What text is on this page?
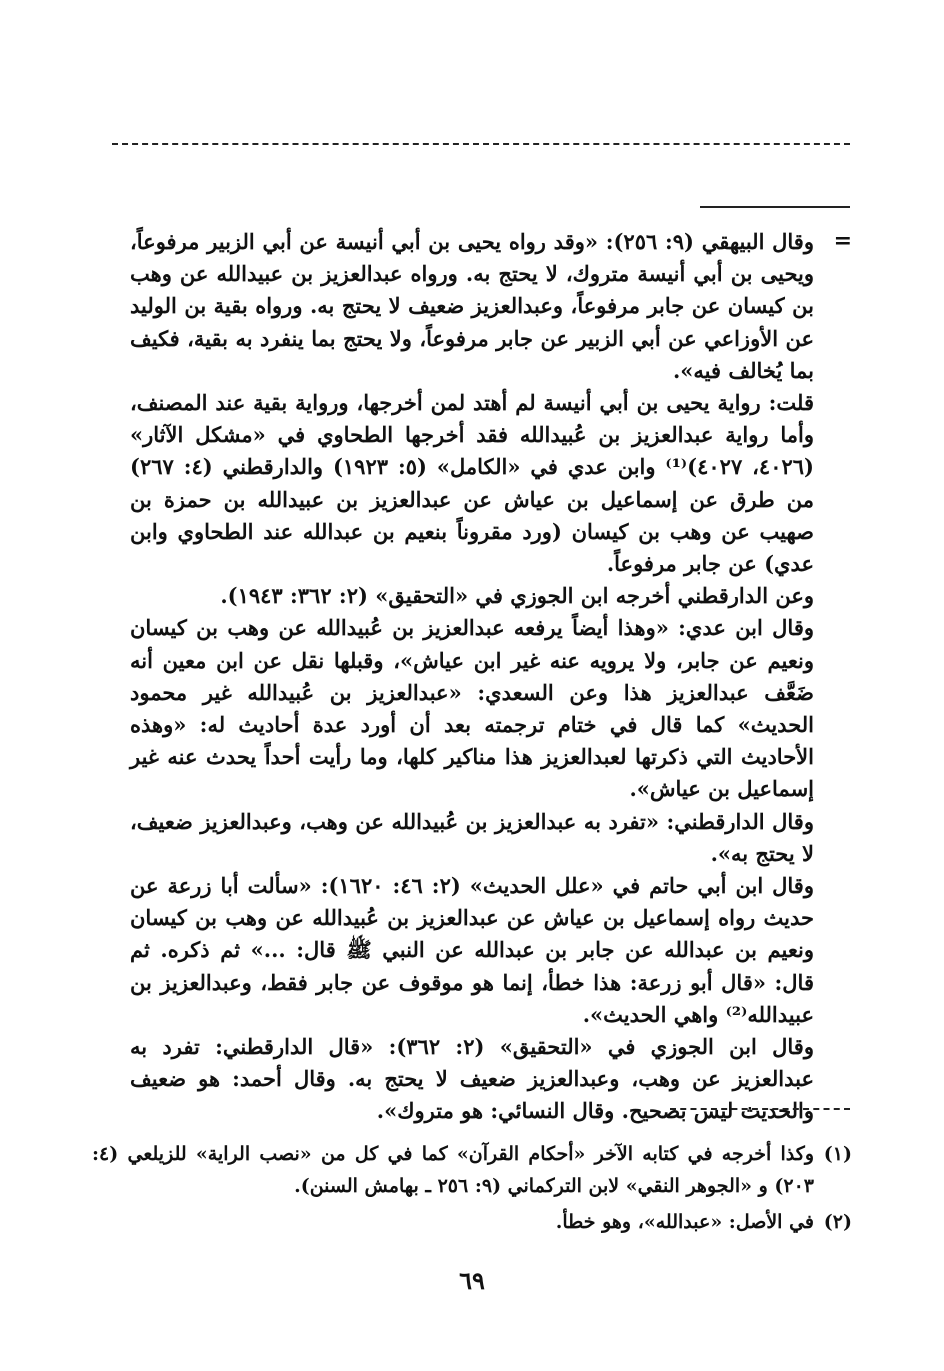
=

وقال البيهقي (٩: ٢٥٦): «وقد رواه يحيى بن أبي أنيسة عن أبي الزبير مرفوعاً، ويحيى بن أبي أنيسة متروك، لا يحتج به. ورواه عبدالعزيز بن عبيدالله عن وهب بن كيسان عن جابر مرفوعاً، وعبدالعزيز ضعيف لا يحتج به. ورواه بقية بن الوليد عن الأوزاعي عن أبي الزبير عن جابر مرفوعاً، ولا يحتج بما ينفرد به بقية، فكيف بما يُخالف فيه».

قلت: رواية يحيى بن أبي أنيسة لم أهتد لمن أخرجها، ورواية بقية عند المصنف، وأما رواية عبدالعزيز بن عُبيدالله فقد أخرجها الطحاوي في «مشكل الآثار» (٤٠٢٦، ٤٠٢٧)⁽¹⁾ وابن عدي في «الكامل» (٥: ١٩٢٣) والدارقطني (٤: ٢٦٧) من طرق عن إسماعيل بن عياش عن عبدالعزيز بن عبيدالله بن حمزة بن صهيب عن وهب بن كيسان (ورد مقروناً بنعيم بن عبدالله عند الطحاوي وابن عدي) عن جابر مرفوعاً.

وعن الدارقطني أخرجه ابن الجوزي في «التحقيق» (٢: ٣٦٢: ١٩٤٣).

وقال ابن عدي: «وهذا أيضاً يرفعه عبدالعزيز بن عُبيدالله عن وهب بن كيسان ونعيم عن جابر، ولا يرويه عنه غير ابن عياش»، وقبلها نقل عن ابن معين أنه ضَعَّف عبدالعزيز هذا وعن السعدي: «عبدالعزيز بن عُبيدالله غير محمود الحديث» كما قال في ختام ترجمته بعد أن أورد عدة أحاديث له: «وهذه الأحاديث التي ذكرتها لعبدالعزيز هذا مناكير كلها، وما رأيت أحداً يحدث عنه غير إسماعيل بن عياش».

وقال الدارقطني: «تفرد به عبدالعزيز بن عُبيدالله عن وهب، وعبدالعزيز ضعيف، لا يحتج به».

وقال ابن أبي حاتم في «علل الحديث» (٢: ٤٦: ١٦٢٠): «سألت أبا زرعة عن حديث رواه إسماعيل بن عياش عن عبدالعزيز بن عُبيدالله عن وهب بن كيسان ونعيم بن عبدالله عن جابر بن عبدالله عن النبي ﷺ قال: ...» ثم ذكره. ثم قال: «قال أبو زرعة: هذا خطأ، إنما هو موقوف عن جابر فقط، وعبدالعزيز بن عبيدالله⁽²⁾ واهي الحديث».

وقال ابن الجوزي في «التحقيق» (٢: ٣٦٢): «قال الدارقطني: تفرد به عبدالعزيز عن وهب، وعبدالعزيز ضعيف لا يحتج به. وقال أحمد: هو ضعيف والحديث ليس بصحيح. وقال النسائي: هو متروك».

(١)
وكذا أخرجه في كتابه الآخر «أحكام القرآن» كما في كل من «نصب الراية» للزيلعي (٤: ٢٠٣) و «الجوهر النقي» لابن التركماني (٩: ٢٥٦ ـ بهامش السنن).
(٢)
في الأصل: «عبدالله»، وهو خطأ.
٦٩
